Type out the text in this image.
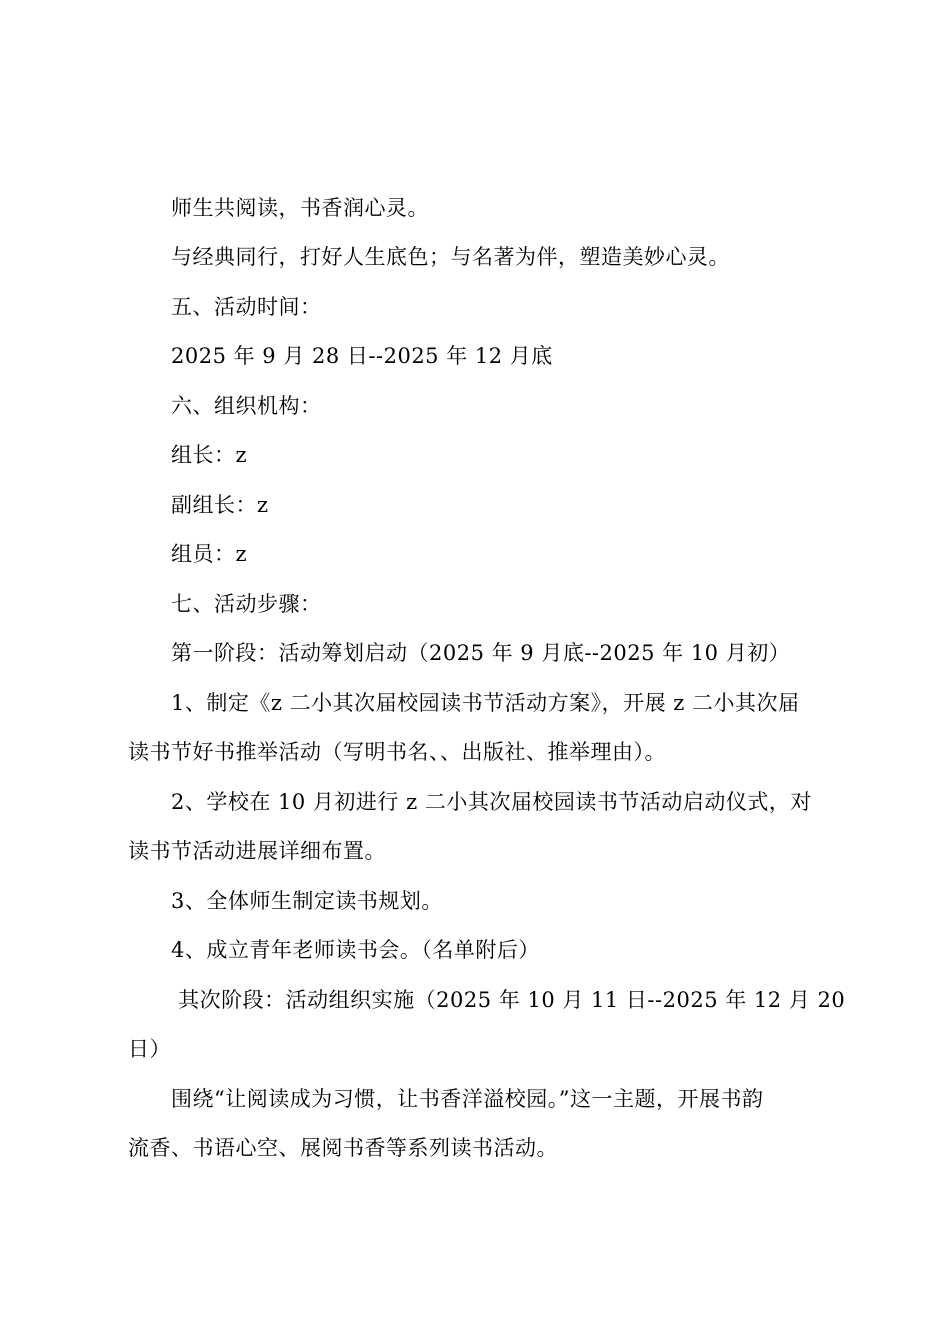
　　师生共阅读，书香润心灵。
　　与经典同行，打好人生底色；与名著为伴，塑造美妙心灵。
　　五、活动时间：
　　2025 年 9 月 28 日--2025 年 12 月底
　　六、组织机构：
　　组长：z
　　副组长：z
　　组员：z
　　七、活动步骤：
　　第一阶段：活动筹划启动（2025 年 9 月底--2025 年 10 月初）
　　1、制定《z 二小其次届校园读书节活动方案》，开展 z 二小其次届
读书节好书推举活动（写明书名、、出版社、推举理由）。
　　2、学校在 10 月初进行 z 二小其次届校园读书节活动启动仪式，对
读书节活动进展详细布置。
　　3、全体师生制定读书规划。
　　4、成立青年老师读书会。（名单附后）
　　 其次阶段：活动组织实施（2025 年 10 月 11 日--2025 年 12 月 20
日）
　　围绕“让阅读成为习惯，让书香洋溢校园。”这一主题，开展书韵
流香、书语心空、展阅书香等系列读书活动。
